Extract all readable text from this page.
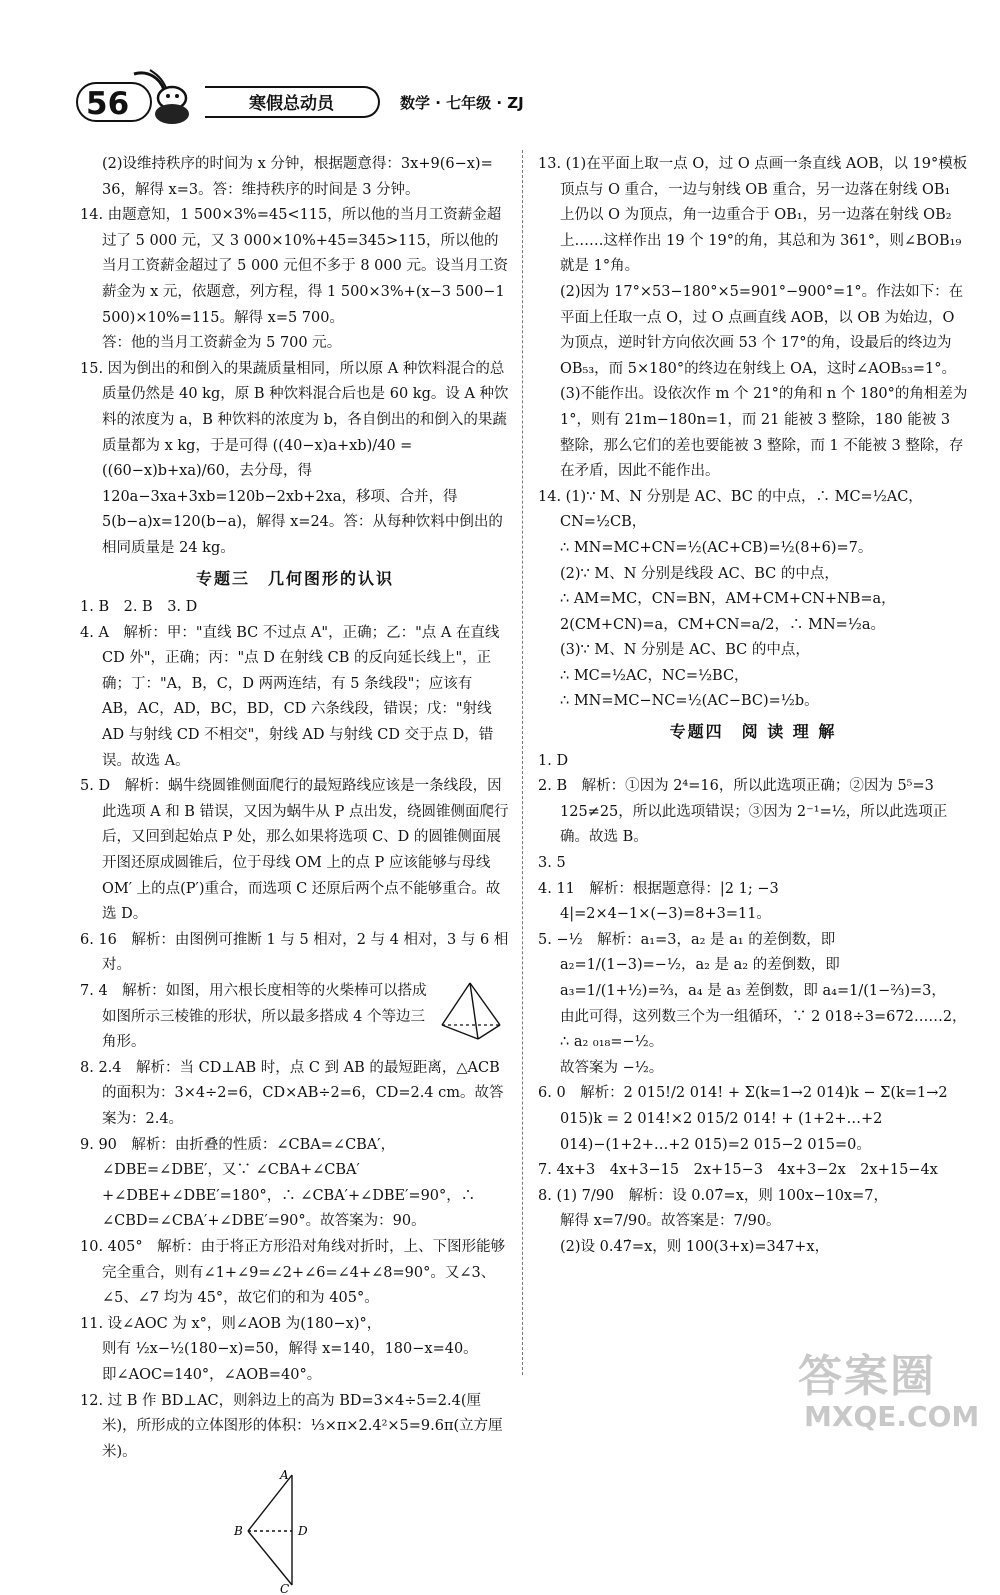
56	寒假总动员	数学 · 七年级 · ZJ

(2)设维持秩序的时间为 x 分钟，根据题意得：3x+9(6−x)= 36，解得 x=3。答：维持秩序的时间是 3 分钟。

14. 由题意知，1 500×3%=45<115，所以他的当月工资薪金超过了 5 000 元，又 3 000×10%+45=345>115，所以他的当月工资薪金超过了 5 000 元但不多于 8 000 元。设当月工资薪金为 x 元，依题意，列方程，得 1 500×3%+(x−3 500−1 500)×10%=115。解得 x=5 700。

答：他的当月工资薪金为 5 700 元。

15. 因为倒出的和倒入的果蔬质量相同，所以原 A 种饮料混合的总质量仍然是 40 kg，原 B 种饮料混合后也是 60 kg。设 A 种饮料的浓度为 a，B 种饮料的浓度为 b，各自倒出的和倒入的果蔬质量都为 x kg，于是可得 ((40−x)a+xb)/40 = ((60−x)b+xa)/60，去分母，得 120a−3xa+3xb=120b−2xb+2xa，移项、合并，得 5(b−a)x=120(b−a)，解得 x=24。答：从每种饮料中倒出的相同质量是 24 kg。

专题三　几何图形的认识

1. B　2. B　3. D

4. A　解析：甲："直线 BC 不过点 A"，正确；乙："点 A 在直线 CD 外"，正确；丙："点 D 在射线 CB 的反向延长线上"，正确；丁："A，B，C，D 两两连结，有 5 条线段"；应该有 AB，AC，AD，BC，BD，CD 六条线段，错误；戊："射线 AD 与射线 CD 不相交"，射线 AD 与射线 CD 交于点 D，错误。故选 A。

5. D　解析：蜗牛绕圆锥侧面爬行的最短路线应该是一条线段，因此选项 A 和 B 错误，又因为蜗牛从 P 点出发，绕圆锥侧面爬行后，又回到起始点 P 处，那么如果将选项 C、D 的圆锥侧面展开图还原成圆锥后，位于母线 OM 上的点 P 应该能够与母线 OM′ 上的点(P′)重合，而选项 C 还原后两个点不能够重合。故选 D。

6. 16　解析：由图例可推断 1 与 5 相对，2 与 4 相对，3 与 6 相对。

7. 4　解析：如图，用六根长度相等的火柴棒可以搭成如图所示三棱锥的形状，所以最多搭成 4 个等边三角形。

8. 2.4　解析：当 CD⊥AB 时，点 C 到 AB 的最短距离，△ACB 的面积为：3×4÷2=6，CD×AB÷2=6，CD=2.4 cm。故答案为：2.4。

9. 90　解析：由折叠的性质：∠CBA=∠CBA′，∠DBE=∠DBE′，又∵ ∠CBA+∠CBA′+∠DBE+∠DBE′=180°，∴ ∠CBA′+∠DBE′=90°，∴ ∠CBD=∠CBA′+∠DBE′=90°。故答案为：90。

10. 405°　解析：由于将正方形沿对角线对折时，上、下图形能够完全重合，则有∠1+∠9=∠2+∠6=∠4+∠8=90°。又∠3、∠5、∠7 均为 45°，故它们的和为 405°。

11. 设∠AOC 为 x°，则∠AOB 为(180−x)°，

则有 ½x−½(180−x)=50，解得 x=140，180−x=40。

即∠AOC=140°，∠AOB=40°。

12. 过 B 作 BD⊥AC，则斜边上的高为 BD=3×4÷5=2.4(厘米)，所形成的立体图形的体积：⅓×π×2.4²×5=9.6π(立方厘米)。

A
B	D
C

13. (1)在平面上取一点 O，过 O 点画一条直线 AOB，以 19°模板顶点与 O 重合，一边与射线 OB 重合，另一边落在射线 OB₁ 上仍以 O 为顶点，角一边重合于 OB₁，另一边落在射线 OB₂ 上……这样作出 19 个 19°的角，其总和为 361°，则∠BOB₁₉ 就是 1°角。

(2)因为 17°×53−180°×5=901°−900°=1°。作法如下：在平面上任取一点 O，过 O 点画直线 AOB，以 OB 为始边，O 为顶点，逆时针方向依次画 53 个 17°的角，设最后的终边为 OB₅₃，而 5×180°的终边在射线上 OA，这时∠AOB₅₃=1°。

(3)不能作出。设依次作 m 个 21°的角和 n 个 180°的角相差为 1°，则有 21m−180n=1，而 21 能被 3 整除，180 能被 3 整除，那么它们的差也要能被 3 整除，而 1 不能被 3 整除，存在矛盾，因此不能作出。

14. (1)∵ M、N 分别是 AC、BC 的中点，∴ MC=½AC，CN=½CB，

∴ MN=MC+CN=½(AC+CB)=½(8+6)=7。

(2)∵ M、N 分别是线段 AC、BC 的中点，

∴ AM=MC，CN=BN，AM+CM+CN+NB=a，

2(CM+CN)=a，CM+CN=a/2，∴ MN=½a。

(3)∵ M、N 分别是 AC、BC 的中点，

∴ MC=½AC，NC=½BC，

∴ MN=MC−NC=½(AC−BC)=½b。

专题四　阅 读 理 解

1. D

2. B　解析：①因为 2⁴=16，所以此选项正确；②因为 5⁵=3 125≠25，所以此选项错误；③因为 2⁻¹=½，所以此选项正确。故选 B。

3. 5

4. 11　解析：根据题意得：|2 1; −3 4|=2×4−1×(−3)=8+3=11。

5. −½　解析：a₁=3，a₂ 是 a₁ 的差倒数，即 a₂=1/(1−3)=−½，a₂ 是 a₂ 的差倒数，即 a₃=1/(1+½)=⅔，a₄ 是 a₃ 差倒数，即 a₄=1/(1−⅔)=3，

由此可得，这列数三个为一组循环，∵ 2 018÷3=672……2，

∴ a₂ ₀₁₈=−½。

故答案为 −½。

6. 0　解析：2 015!/2 014! + Σ(k=1→2 014)k − Σ(k=1→2 015)k = 2 014!×2 015/2 014! + (1+2+…+2 014)−(1+2+…+2 015)=2 015−2 015=0。

7. 4x+3　4x+3−15　2x+15−3　4x+3−2x　2x+15−4x

8. (1) 7/90　解析：设 0.07̇=x，则 100x−10x=7，

解得 x=7/90。故答案是：7/90。

(2)设 0.4̇7̇=x，则 100(3+x)=347+x，

答案圈
MXQE.COM
